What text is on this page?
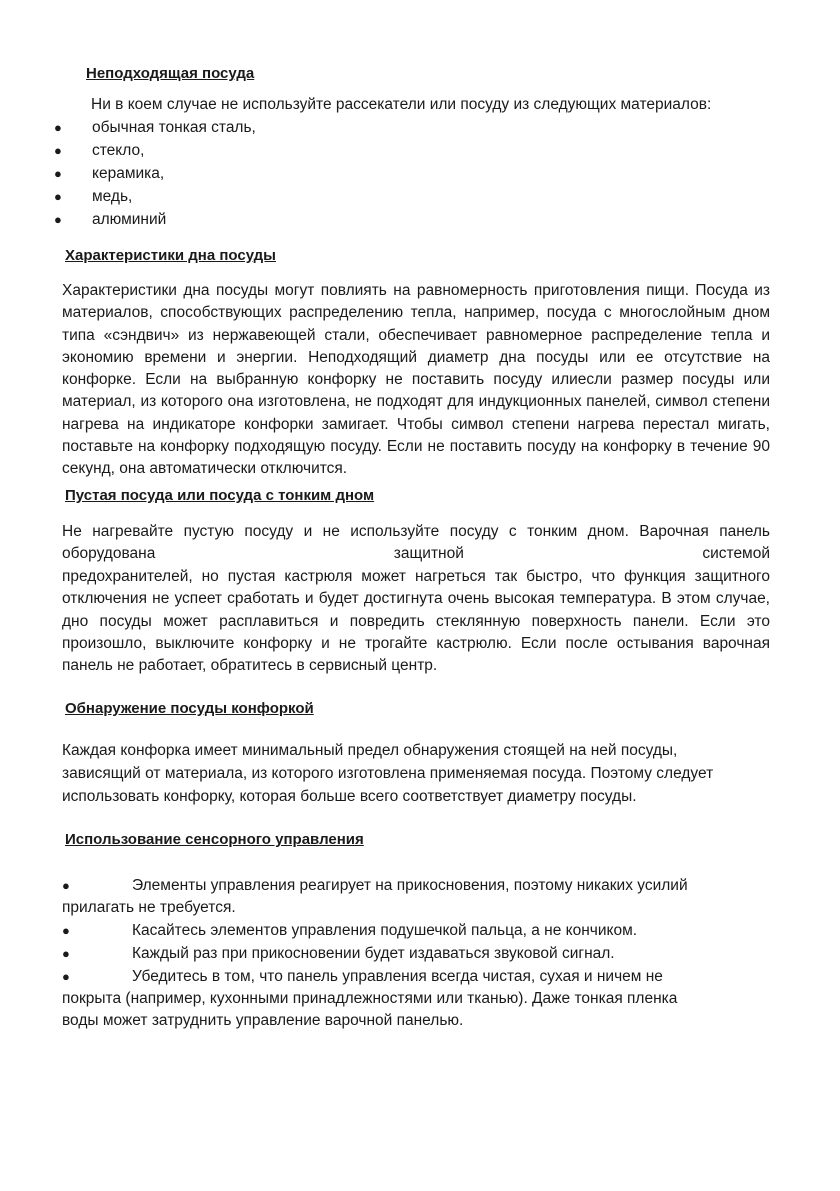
Неподходящая посуда
Ни в коем случае не используйте рассекатели или посуду из следующих материалов:
● обычная тонкая сталь,
● стекло,
● керамика,
● медь,
● алюминий
Характеристики дна посуды

Характеристики дна посуды могут повлиять на равномерность приготовления пищи. Посуда из материалов, способствующих распределению тепла, например, посуда с многослойным дном типа «сэндвич» из нержавеющей стали, обеспечивает равномерное распределение тепла и экономию времени и энергии. Неподходящий диаметр дна посуды или ее отсутствие на конфорке. Если на выбранную конфорку не поставить посуду илиесли размер посуды или материал, из которого она изготовлена, не подходят для индукционных панелей, символ степени нагрева на индикаторе конфорки замигает. Чтобы символ степени нагрева перестал мигать, поставьте на конфорку подходящую посуду. Если не поставить посуду на конфорку в течение 90 секунд, она автоматически отключится.

Пустая посуда или посуда с тонким дном

Не нагревайте пустую посуду и не используйте посуду с тонким дном. Варочная панель оборудована защитной системой

предохранителей, но пустая кастрюля может нагреться так быстро, что функция защитного отключения не успеет сработать и будет достигнута очень высокая температура. В этом случае, дно посуды может расплавиться и повредить стеклянную поверхность панели. Если это произошло, выключите конфорку и не трогайте кастрюлю. Если после остывания варочная панель не работает, обратитесь в сервисный центр.

Обнаружение посуды конфоркой
Каждая конфорка имеет минимальный предел обнаружения стоящей на ней посуды,
зависящий от материала, из которого изготовлена применяемая посуда. Поэтому следует
использовать конфорку, которая больше всего соответствует диаметру посуды.
Использование сенсорного управления
●	Элементы управления реагирует на прикосновения, поэтому никаких усилий прилагать не требуется.

●	Касайтесь элементов управления подушечкой пальца, а не кончиком.

●	Каждый раз при прикосновении будет издаваться звуковой сигнал.

●	Убедитесь в том, что панель управления всегда чистая, сухая и ничем не покрыта (например, кухонными принадлежностями или тканью). Даже тонкая пленка воды может затруднить управление варочной панелью.
